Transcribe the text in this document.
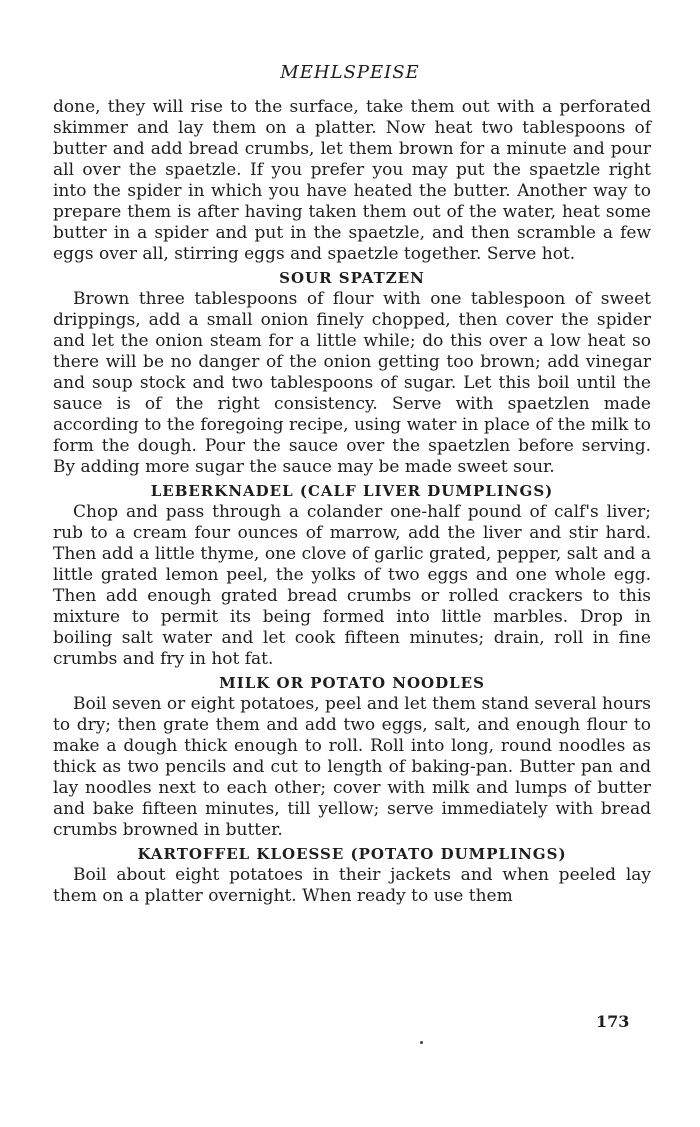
MEHLSPEISE

done, they will rise to the surface, take them out with a perforated skimmer and lay them on a platter. Now heat two tablespoons of butter and add bread crumbs, let them brown for a minute and pour all over the spaetzle. If you prefer you may put the spaetzle right into the spider in which you have heated the butter. Another way to prepare them is after having taken them out of the water, heat some butter in a spider and put in the spaetzle, and then scramble a few eggs over all, stirring eggs and spaetzle together. Serve hot.

SOUR SPATZEN

Brown three tablespoons of flour with one tablespoon of sweet drippings, add a small onion finely chopped, then cover the spider and let the onion steam for a little while; do this over a low heat so there will be no danger of the onion getting too brown; add vinegar and soup stock and two tablespoons of sugar. Let this boil until the sauce is of the right consistency. Serve with spaetzlen made according to the foregoing recipe, using water in place of the milk to form the dough. Pour the sauce over the spaetzlen before serving. By adding more sugar the sauce may be made sweet sour.

LEBERKNADEL (CALF LIVER DUMPLINGS)

Chop and pass through a colander one-half pound of calf's liver; rub to a cream four ounces of marrow, add the liver and stir hard. Then add a little thyme, one clove of garlic grated, pepper, salt and a little grated lemon peel, the yolks of two eggs and one whole egg. Then add enough grated bread crumbs or rolled crackers to this mixture to permit its being formed into little marbles. Drop in boiling salt water and let cook fifteen minutes; drain, roll in fine crumbs and fry in hot fat.

MILK OR POTATO NOODLES

Boil seven or eight potatoes, peel and let them stand several hours to dry; then grate them and add two eggs, salt, and enough flour to make a dough thick enough to roll. Roll into long, round noodles as thick as two pencils and cut to length of baking-pan. Butter pan and lay noodles next to each other; cover with milk and lumps of butter and bake fifteen minutes, till yellow; serve immediately with bread crumbs browned in butter.

KARTOFFEL KLOESSE (POTATO DUMPLINGS)

Boil about eight potatoes in their jackets and when peeled lay them on a platter overnight. When ready to use them

173
